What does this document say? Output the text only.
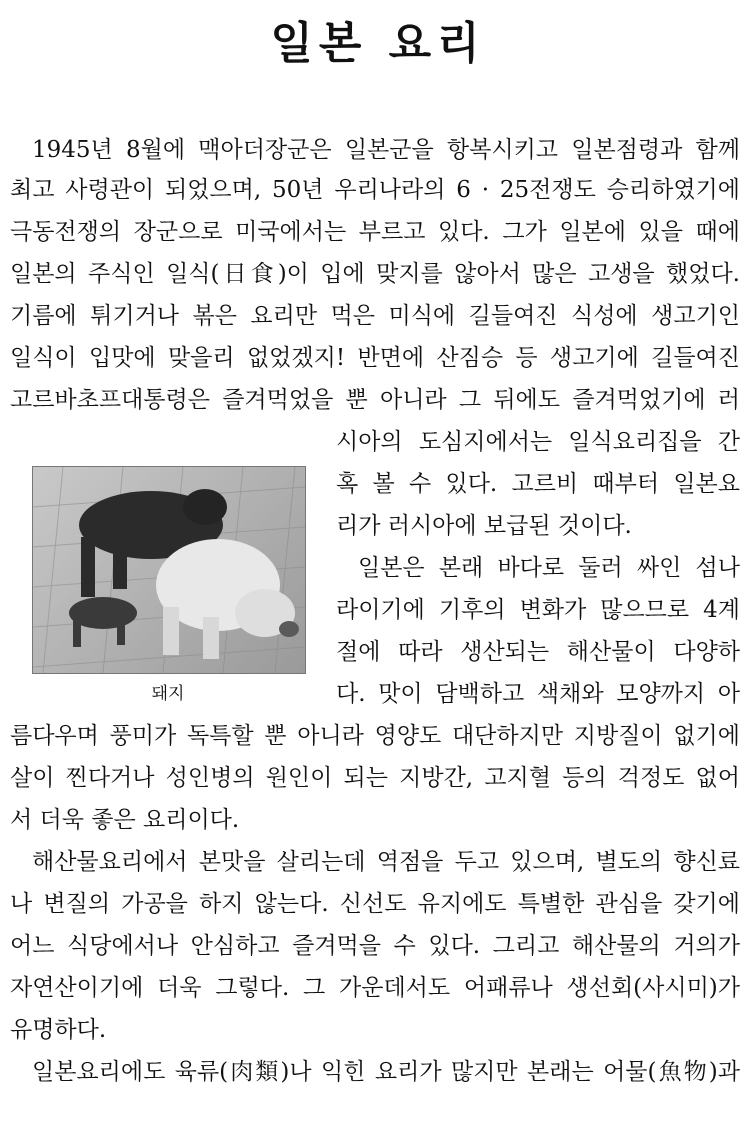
일본 요리
1945년 8월에 맥아더장군은 일본군을 항복시키고 일본점령과 함께
최고 사령관이 되었으며, 50년 우리나라의 6 · 25전쟁도 승리하였기에
극동전쟁의 장군으로 미국에서는 부르고 있다. 그가 일본에 있을 때에
일본의 주식인 일식(日食)이 입에 맞지를 않아서 많은 고생을 했었다.
기름에 튀기거나 볶은 요리만 먹은 미식에 길들여진 식성에 생고기인
일식이 입맛에 맞을리 없었겠지! 반면에 산짐승 등 생고기에 길들여진
고르바초프대통령은 즐겨먹었을 뿐 아니라 그 뒤에도 즐겨먹었기에 러
시아의 도심지에서는 일식요리집을 간
혹 볼 수 있다. 고르비 때부터 일본요
리가 러시아에 보급된 것이다.
일본은 본래 바다로 둘러 싸인 섬나
라이기에 기후의 변화가 많으므로 4계
절에 따라 생산되는 해산물이 다양하
다. 맛이 담백하고 색채와 모양까지 아
름다우며 풍미가 독특할 뿐 아니라 영양도 대단하지만 지방질이 없기에
살이 찐다거나 성인병의 원인이 되는 지방간, 고지혈 등의 걱정도 없어
서 더욱 좋은 요리이다.
해산물요리에서 본맛을 살리는데 역점을 두고 있으며, 별도의 향신료
나 변질의 가공을 하지 않는다. 신선도 유지에도 특별한 관심을 갖기에
어느 식당에서나 안심하고 즐겨먹을 수 있다. 그리고 해산물의 거의가
자연산이기에 더욱 그렇다. 그 가운데서도 어패류나 생선회(사시미)가
유명하다.
일본요리에도 육류(肉類)나 익힌 요리가 많지만 본래는 어물(魚物)과
돼지
